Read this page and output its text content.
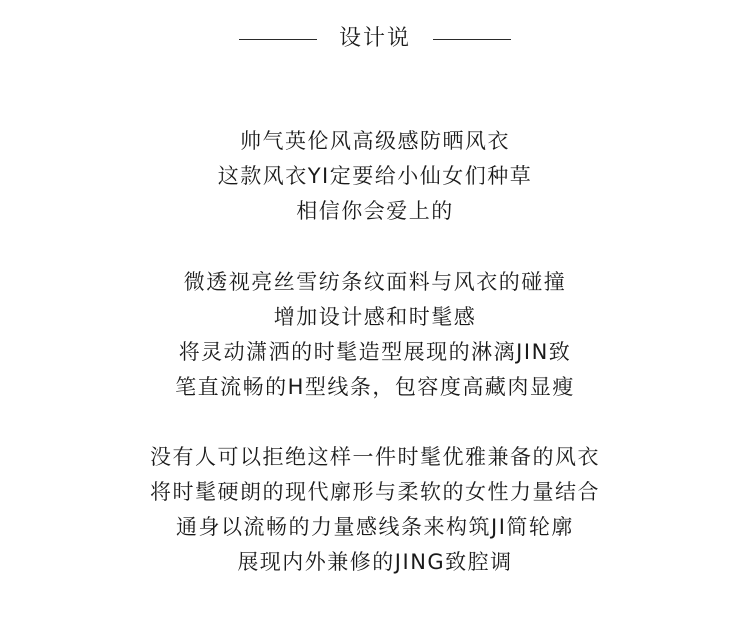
设计说
帅气英伦风高级感防晒风衣
这款风衣YI定要给小仙女们种草
相信你会爱上的
微透视亮丝雪纺条纹面料与风衣的碰撞
增加设计感和时髦感
将灵动潇洒的时髦造型展现的淋漓JIN致
笔直流畅的H型线条，包容度高藏肉显瘦
没有人可以拒绝这样一件时髦优雅兼备的风衣
将时髦硬朗的现代廓形与柔软的女性力量结合
通身以流畅的力量感线条来构筑JI简轮廓
展现内外兼修的JING致腔调
